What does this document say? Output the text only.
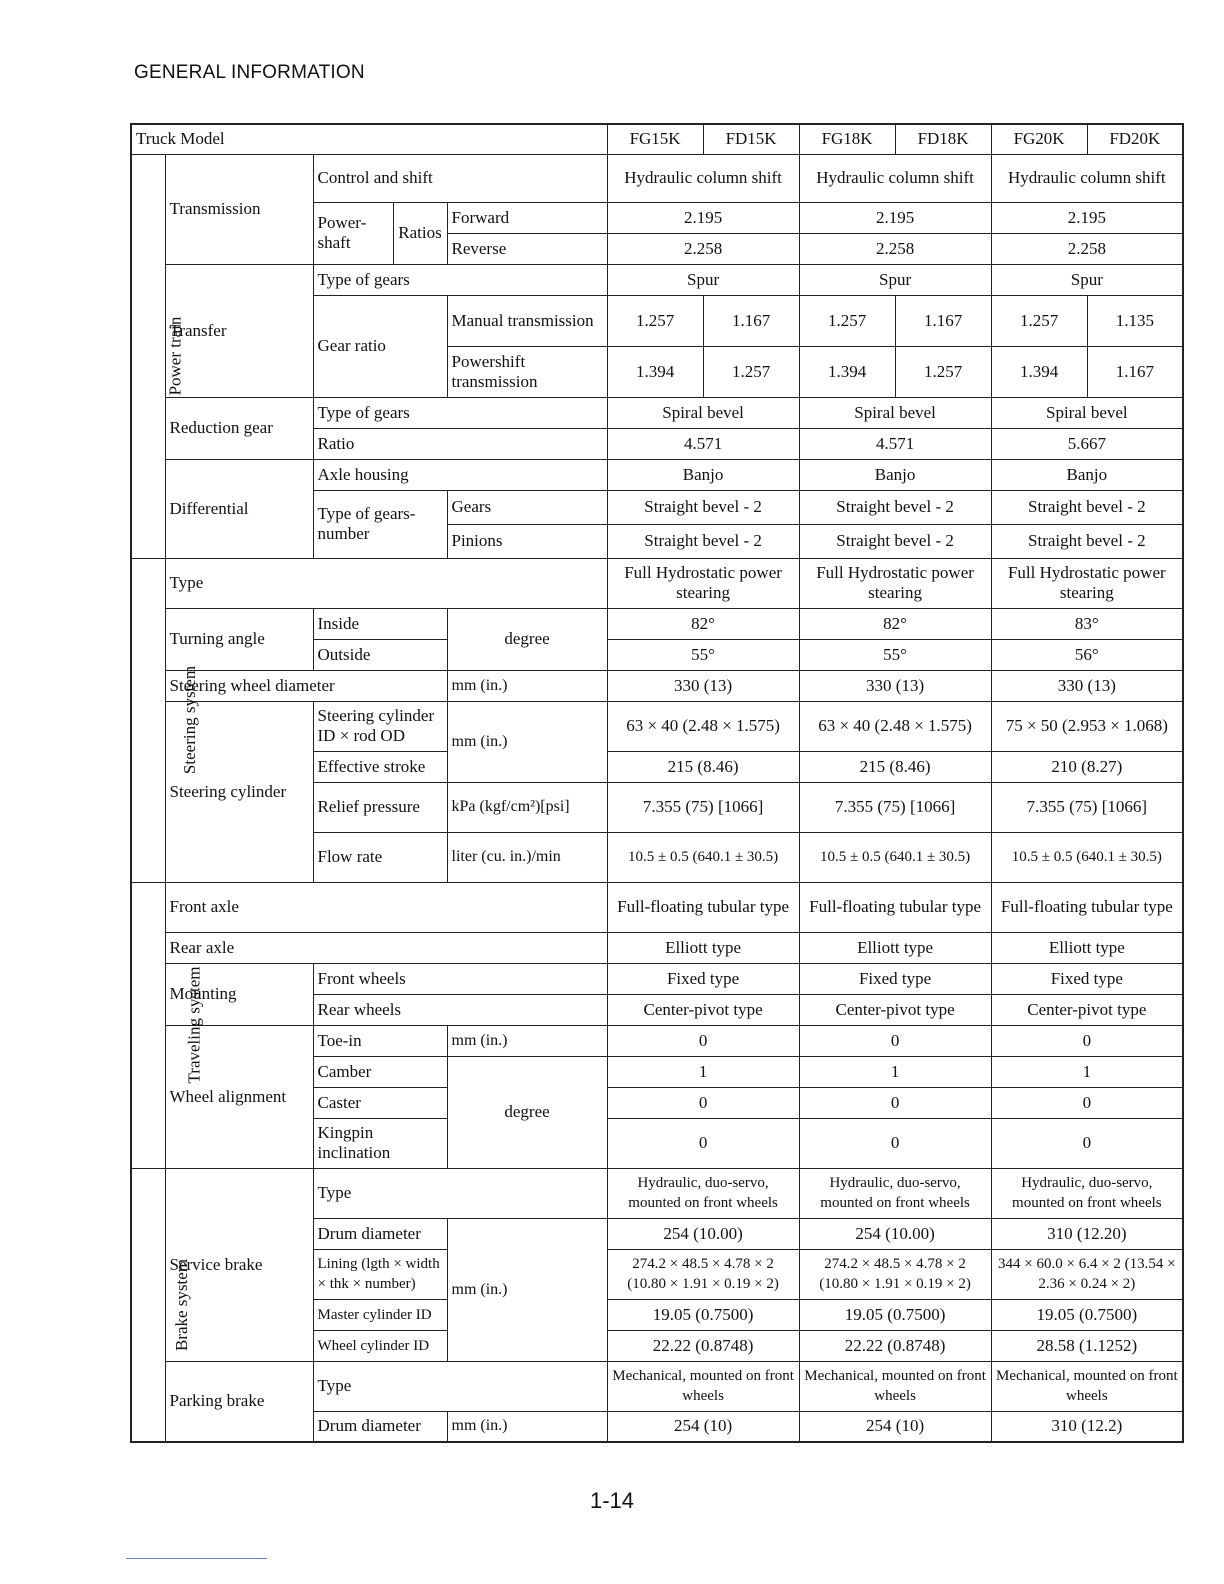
GENERAL INFORMATION
Truck Model					FG15K	FD15K	FG18K	FD18K	FG20K	FD20K
Power train	Transmission	Control and shift			Hydraulic column shift		Hydraulic column shift		Hydraulic column shift	
		Power-shaft	Ratios	Forward	2.195		2.195		2.195	
				Reverse	2.258		2.258		2.258	
	Transfer	Type of gears			Spur		Spur		Spur	
		Gear ratio		Manual transmission	1.257	1.167	1.257	1.167	1.257	1.135
				Powershift transmission	1.394	1.257	1.394	1.257	1.394	1.167
	Reduction gear	Type of gears			Spiral bevel		Spiral bevel		Spiral bevel	
		Ratio			4.571		4.571		5.667	
	Differential	Axle housing			Banjo		Banjo		Banjo	
		Type of gears-number		Gears	Straight bevel - 2		Straight bevel - 2		Straight bevel - 2	
				Pinions	Straight bevel - 2		Straight bevel - 2		Straight bevel - 2	

Steering system	Type				Full Hydrostatic power stearing		Full Hydrostatic power stearing		Full Hydrostatic power stearing	
	Turning angle	Inside		degree	82°		82°		83°	
		Outside			55°		55°		56°	
	Steering wheel diameter			mm (in.)	330 (13)		330 (13)		330 (13)	
	Steering cylinder	Steering cylinder ID × rod OD		mm (in.)	63 × 40 (2.48 × 1.575)		63 × 40 (2.48 × 1.575)		75 × 50 (2.953 × 1.068)	
		Effective stroke			215 (8.46)		215 (8.46)		210 (8.27)	
		Relief pressure		kPa (kgf/cm²)[psi]	7.355 (75) [1066]		7.355 (75) [1066]		7.355 (75) [1066]	
		Flow rate		liter (cu. in.)/min	10.5 ± 0.5 (640.1 ± 30.5)		10.5 ± 0.5 (640.1 ± 30.5)		10.5 ± 0.5 (640.1 ± 30.5)	

Traveling system	Front axle				Full-floating tubular type		Full-floating tubular type		Full-floating tubular type	
	Rear axle				Elliott type		Elliott type		Elliott type	
	Mounting	Front wheels			Fixed type		Fixed type		Fixed type	
		Rear wheels			Center-pivot type		Center-pivot type		Center-pivot type	
	Wheel alignment	Toe-in		mm (in.)	0		0		0	
		Camber		degree	1		1		1	
		Caster			0		0		0	
		Kingpin inclination			0		0		0	

Brake system	Service brake	Type			Hydraulic, duo-servo, mounted on front wheels		Hydraulic, duo-servo, mounted on front wheels		Hydraulic, duo-servo, mounted on front wheels	
		Drum diameter		mm (in.)	254 (10.00)		254 (10.00)		310 (12.20)	
		Lining (lgth × width × thk × number)			274.2 × 48.5 × 4.78 × 2 (10.80 × 1.91 × 0.19 × 2)		274.2 × 48.5 × 4.78 × 2 (10.80 × 1.91 × 0.19 × 2)		344 × 60.0 × 6.4 × 2 (13.54 × 2.36 × 0.24 × 2)	
		Master cylinder ID			19.05 (0.7500)		19.05 (0.7500)		19.05 (0.7500)	
		Wheel cylinder ID			22.22 (0.8748)		22.22 (0.8748)		28.58 (1.1252)	
	Parking brake	Type			Mechanical, mounted on front wheels		Mechanical, mounted on front wheels		Mechanical, mounted on front wheels	
		Drum diameter		mm (in.)	254 (10)		254 (10)		310 (12.2)	
1-14
